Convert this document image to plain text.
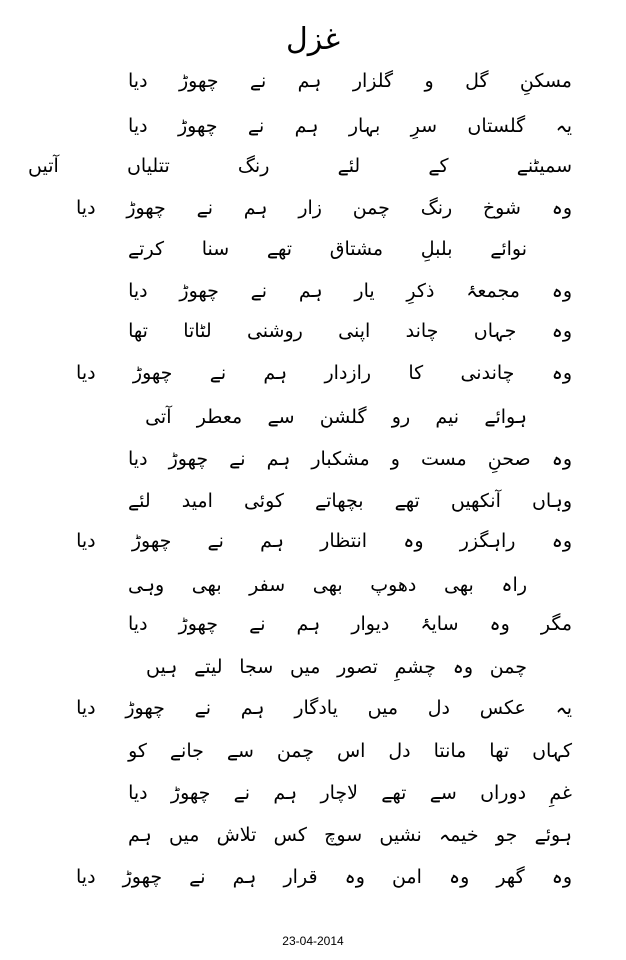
غزل
مسکنِ
گل
و
گلزار
ہم
نے
چھوڑ
دیا
یہ
گلستاں
سرِ
بہار
ہم
نے
چھوڑ
دیا
سمیٹنے
کے
لئے
رنگ
تتلیاں
آتیں
وہ
شوخ
رنگ
چمن
زار
ہم
نے
چھوڑ
دیا
نوائے
بلبلِ
مشتاق
تھے
سنا
کرتے
وہ
مجمعۂ
ذکرِ
یار
ہم
نے
چھوڑ
دیا
وہ
جہاں
چاند
اپنی
روشنی
لٹاتا
تھا
وہ
چاندنی
کا
رازدار
ہم
نے
چھوڑ
دیا
ہوائے
نیم
رو
گلشن
سے
معطر
آتی
وہ
صحنِ
مست
و
مشکبار
ہم
نے
چھوڑ
دیا
وہاں
آنکھیں
تھے
بچھاتے
کوئی
امید
لئے
وہ
راہگزر
وہ
انتظار
ہم
نے
چھوڑ
دیا
راہ
بھی
دھوپ
بھی
سفر
بھی
وہی
مگر
وہ
سایۂ
دیوار
ہم
نے
چھوڑ
دیا
چمن
وہ
چشمِ
تصور
میں
سجا
لیتے
ہیں
یہ
عکس
دل
میں
یادگار
ہم
نے
چھوڑ
دیا
کہاں
تھا
مانتا
دل
اس
چمن
سے
جانے
کو
غمِ
دوراں
سے
تھے
لاچار
ہم
نے
چھوڑ
دیا
ہوئے
جو
خیمہ
نشیں
سوچ
کس
تلاش
میں
ہم
وہ
گھر
وہ
امن
وہ
قرار
ہم
نے
چھوڑ
دیا
23-04-2014
